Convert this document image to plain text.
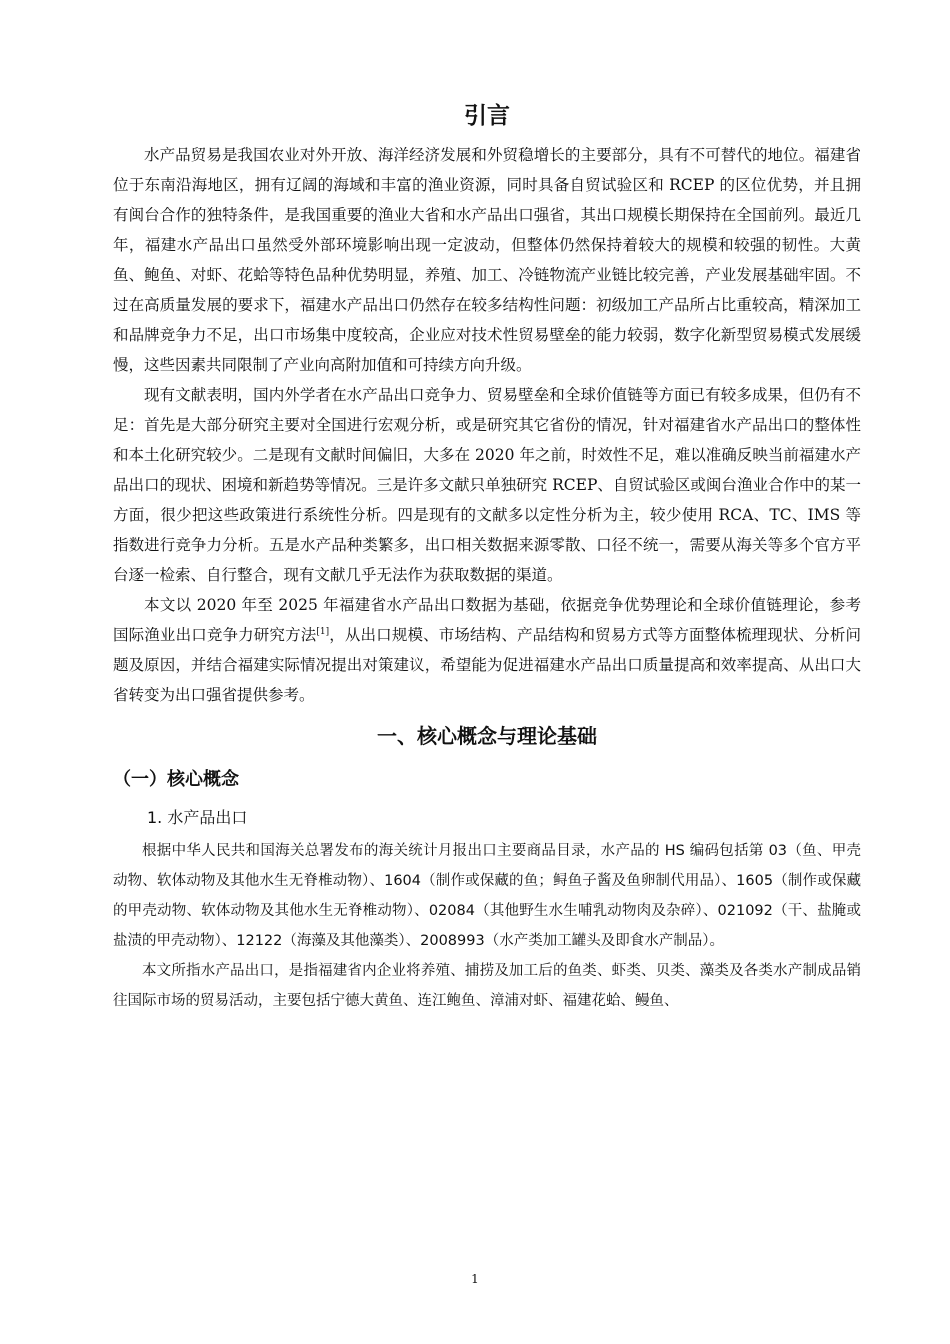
引言

水产品贸易是我国农业对外开放、海洋经济发展和外贸稳增长的主要部分，具有不可替代的地位。福建省位于东南沿海地区，拥有辽阔的海域和丰富的渔业资源，同时具备自贸试验区和 RCEP 的区位优势，并且拥有闽台合作的独特条件，是我国重要的渔业大省和水产品出口强省，其出口规模长期保持在全国前列。最近几年，福建水产品出口虽然受外部环境影响出现一定波动，但整体仍然保持着较大的规模和较强的韧性。大黄鱼、鲍鱼、对虾、花蛤等特色品种优势明显，养殖、加工、冷链物流产业链比较完善，产业发展基础牢固。不过在高质量发展的要求下，福建水产品出口仍然存在较多结构性问题：初级加工产品所占比重较高，精深加工和品牌竞争力不足，出口市场集中度较高，企业应对技术性贸易壁垒的能力较弱，数字化新型贸易模式发展缓慢，这些因素共同限制了产业向高附加值和可持续方向升级。

现有文献表明，国内外学者在水产品出口竞争力、贸易壁垒和全球价值链等方面已有较多成果，但仍有不足：首先是大部分研究主要对全国进行宏观分析，或是研究其它省份的情况，针对福建省水产品出口的整体性和本土化研究较少。二是现有文献时间偏旧，大多在 2020 年之前，时效性不足，难以准确反映当前福建水产品出口的现状、困境和新趋势等情况。三是许多文献只单独研究 RCEP、自贸试验区或闽台渔业合作中的某一方面，很少把这些政策进行系统性分析。四是现有的文献多以定性分析为主，较少使用 RCA、TC、IMS 等指数进行竞争力分析。五是水产品种类繁多，出口相关数据来源零散、口径不统一，需要从海关等多个官方平台逐一检索、自行整合，现有文献几乎无法作为获取数据的渠道。

本文以 2020 年至 2025 年福建省水产品出口数据为基础，依据竞争优势理论和全球价值链理论，参考国际渔业出口竞争力研究方法[1]，从出口规模、市场结构、产品结构和贸易方式等方面整体梳理现状、分析问题及原因，并结合福建实际情况提出对策建议，希望能为促进福建水产品出口质量提高和效率提高、从出口大省转变为出口强省提供参考。

一、核心概念与理论基础
（一）核心概念
1. 水产品出口

根据中华人民共和国海关总署发布的海关统计月报出口主要商品目录，水产品的 HS 编码包括第 03（鱼、甲壳动物、软体动物及其他水生无脊椎动物）、1604（制作或保藏的鱼；鲟鱼子酱及鱼卵制代用品）、1605（制作或保藏的甲壳动物、软体动物及其他水生无脊椎动物）、02084（其他野生水生哺乳动物肉及杂碎）、021092（干、盐腌或盐渍的甲壳动物）、12122（海藻及其他藻类）、2008993（水产类加工罐头及即食水产制品）。

本文所指水产品出口，是指福建省内企业将养殖、捕捞及加工后的鱼类、虾类、贝类、藻类及各类水产制成品销往国际市场的贸易活动，主要包括宁德大黄鱼、连江鲍鱼、漳浦对虾、福建花蛤、鳗鱼、

1
